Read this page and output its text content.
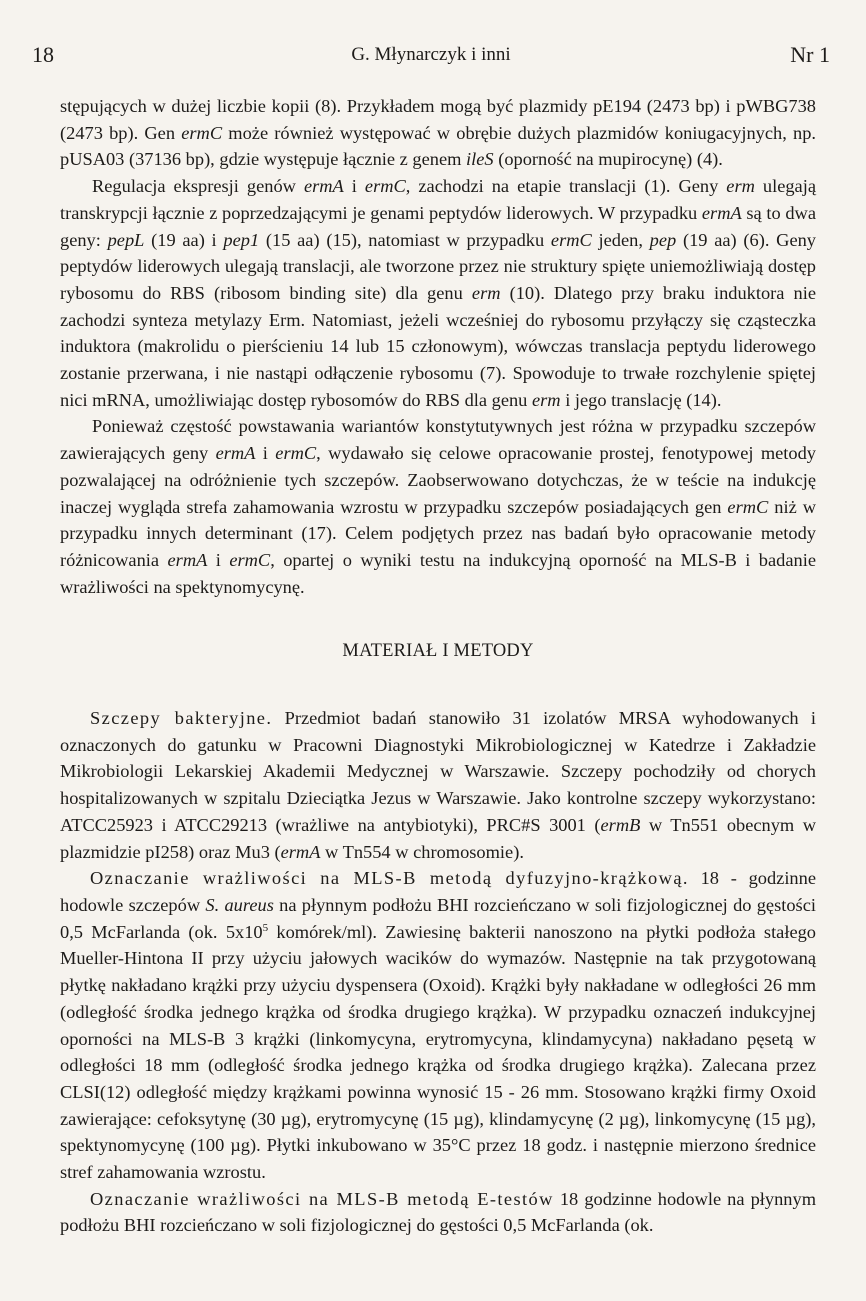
18	G. Młynarczyk i inni	Nr 1

stępujących w dużej liczbie kopii (8). Przykładem mogą być plazmidy pE194 (2473 bp) i pWBG738 (2473 bp). Gen ermC może również występować w obrębie dużych plazmidów koniugacyjnych, np. pUSA03 (37136 bp), gdzie występuje łącznie z genem ileS (oporność na mupirocynę) (4).

Regulacja ekspresji genów ermA i ermC, zachodzi na etapie translacji (1). Geny erm ulegają transkrypcji łącznie z poprzedzającymi je genami peptydów liderowych. W przypadku ermA są to dwa geny: pepL (19 aa) i pep1 (15 aa) (15), natomiast w przypadku ermC jeden, pep (19 aa) (6). Geny peptydów liderowych ulegają translacji, ale tworzone przez nie struktury spięte uniemożliwiają dostęp rybosomu do RBS (ribosom binding site) dla genu erm (10). Dlatego przy braku induktora nie zachodzi synteza metylazy Erm. Natomiast, jeżeli wcześniej do rybosomu przyłączy się cząsteczka induktora (makrolidu o pierścieniu 14 lub 15 członowym), wówczas translacja peptydu liderowego zostanie przerwana, i nie nastąpi odłączenie rybosomu (7). Spowoduje to trwałe rozchylenie spiętej nici mRNA, umożliwiając dostęp rybosomów do RBS dla genu erm i jego translację (14).

Ponieważ częstość powstawania wariantów konstytutywnych jest różna w przypadku szczepów zawierających geny ermA i ermC, wydawało się celowe opracowanie prostej, fenotypowej metody pozwalającej na odróżnienie tych szczepów. Zaobserwowano dotychczas, że w teście na indukcję inaczej wygląda strefa zahamowania wzrostu w przypadku szczepów posiadających gen ermC niż w przypadku innych determinant (17). Celem podjętych przez nas badań było opracowanie metody różnicowania ermA i ermC, opartej o wyniki testu na indukcyjną oporność na MLS-B i badanie wrażliwości na spektynomycynę.

MATERIAŁ I METODY

Szczepy bakteryjne. Przedmiot badań stanowiło 31 izolatów MRSA wyhodowanych i oznaczonych do gatunku w Pracowni Diagnostyki Mikrobiologicznej w Katedrze i Zakładzie Mikrobiologii Lekarskiej Akademii Medycznej w Warszawie. Szczepy pochodziły od chorych hospitalizowanych w szpitalu Dzieciątka Jezus w Warszawie. Jako kontrolne szczepy wykorzystano: ATCC25923 i ATCC29213 (wrażliwe na antybiotyki), PRC#S 3001 (ermB w Tn551 obecnym w plazmidzie pI258) oraz Mu3 (ermA w Tn554 w chromosomie).

Oznaczanie wrażliwości na MLS-B metodą dyfuzyjno-krążkową. 18 - godzinne hodowle szczepów S. aureus na płynnym podłożu BHI rozcieńczano w soli fizjologicznej do gęstości 0,5 McFarlanda (ok. $5x10^5$ komórek/ml). Zawiesinę bakterii nanoszono na płytki podłoża stałego Mueller-Hintona II przy użyciu jałowych wacików do wymazów. Następnie na tak przygotowaną płytkę nakładano krążki przy użyciu dyspensera (Oxoid). Krążki były nakładane w odległości 26 mm (odległość środka jednego krążka od środka drugiego krążka). W przypadku oznaczeń indukcyjnej oporności na MLS-B 3 krążki (linkomycyna, erytromycyna, klindamycyna) nakładano pęsetą w odległości 18 mm (odległość środka jednego krążka od środka drugiego krążka). Zalecana przez CLSI(12) odległość między krążkami powinna wynosić 15 - 26 mm. Stosowano krążki firmy Oxoid zawierające: cefoksytynę (30 µg), erytromycynę (15 µg), klindamycynę (2 µg), linkomycynę (15 µg), spektynomycynę (100 µg). Płytki inkubowano w 35°C przez 18 godz. i następnie mierzono średnice stref zahamowania wzrostu.

Oznaczanie wrażliwości na MLS-B metodą E-testów 18 godzinne hodowle na płynnym podłożu BHI rozcieńczano w soli fizjologicznej do gęstości 0,5 McFarlanda (ok.
